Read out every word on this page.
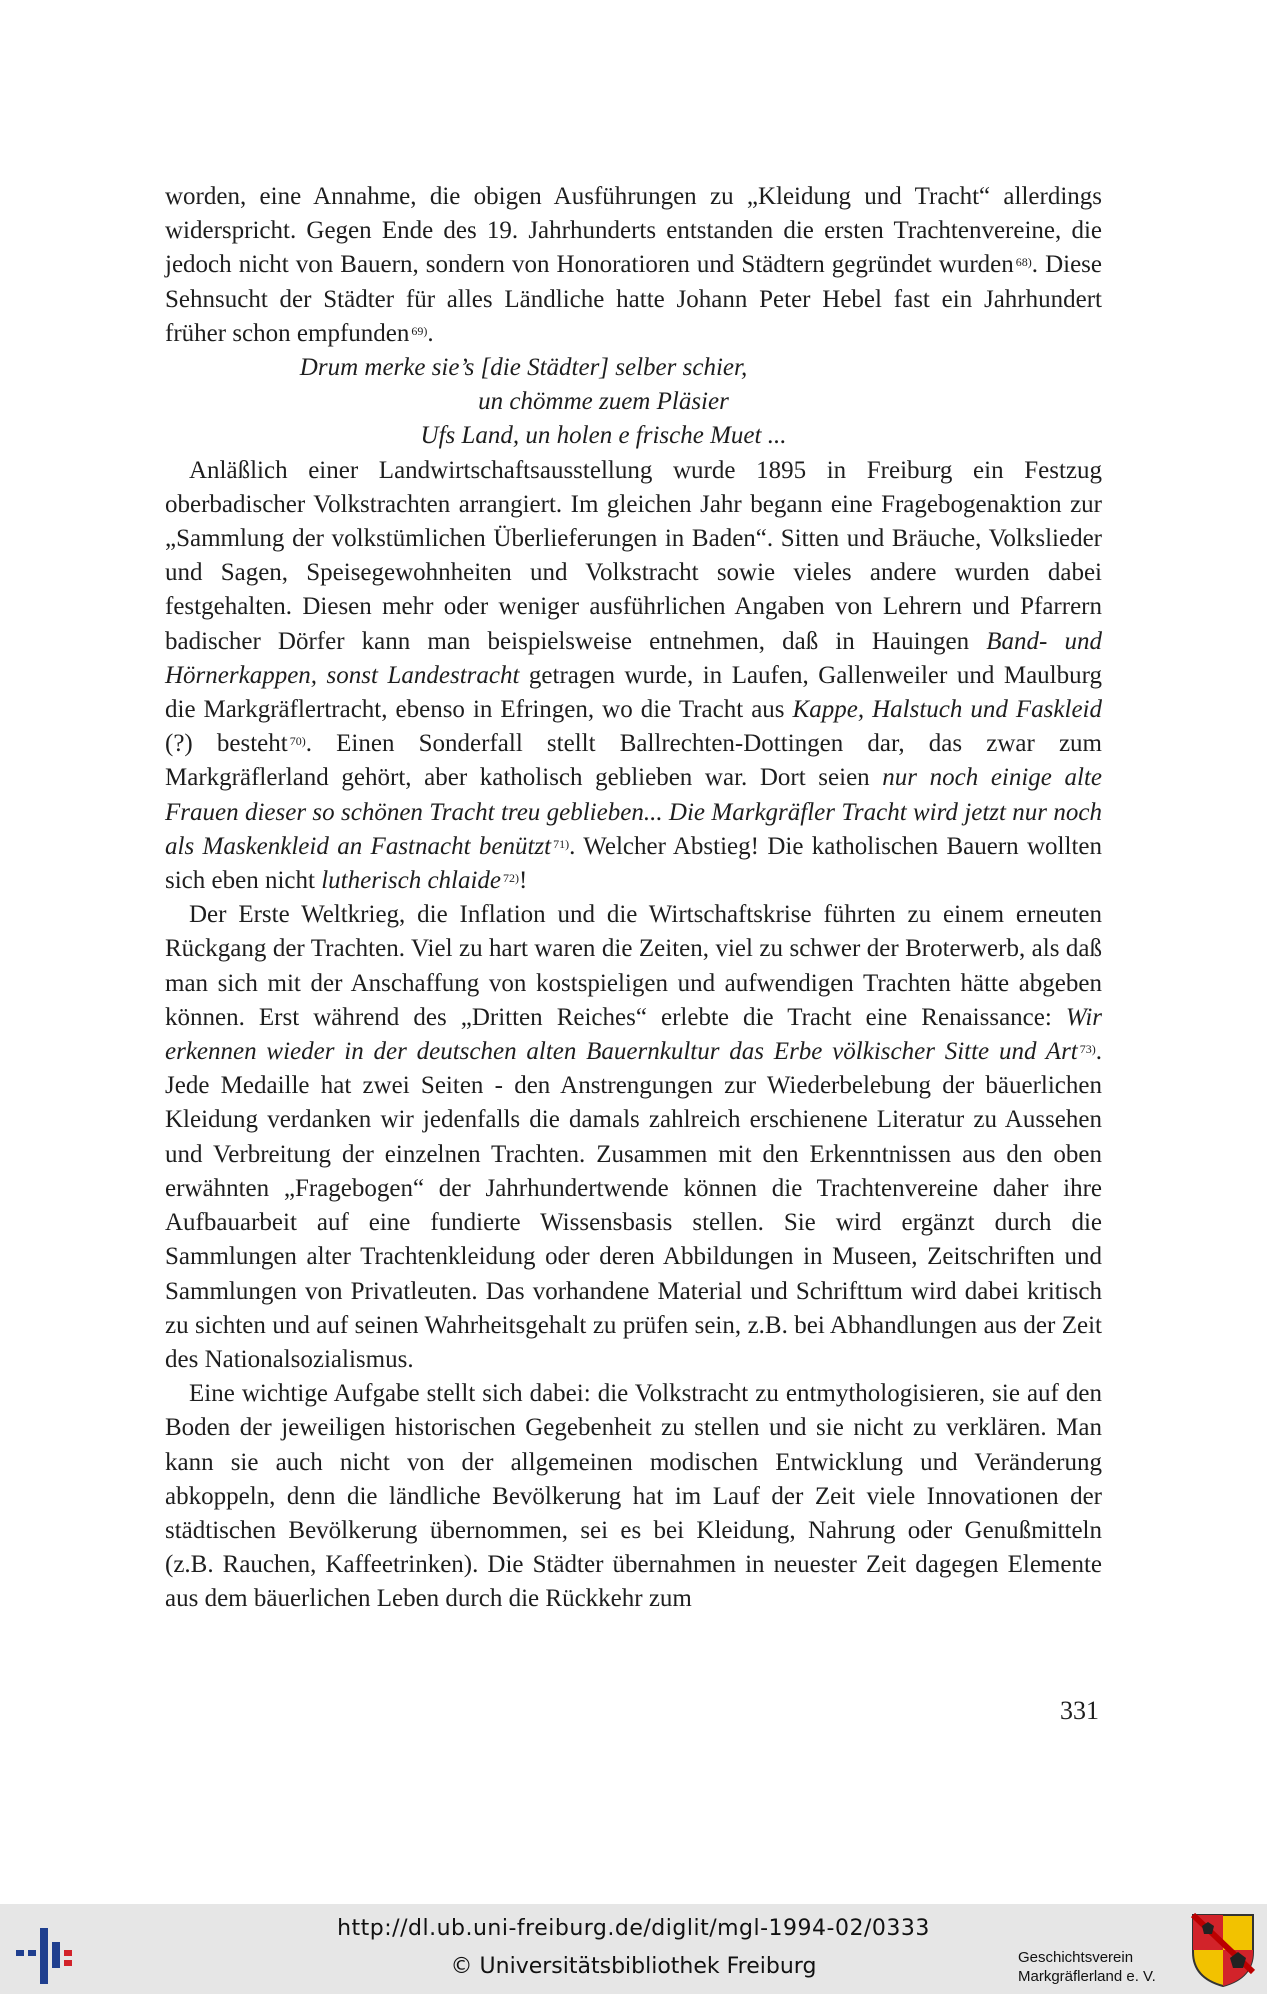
worden, eine Annahme, die obigen Ausführungen zu „Kleidung und Tracht“ allerdings widerspricht. Gegen Ende des 19. Jahrhunderts entstanden die ersten Trachtenvereine, die jedoch nicht von Bauern, sondern von Honoratioren und Städtern gegründet wurden $^{68)}$. Diese Sehnsucht der Städter für alles Ländliche hatte Johann Peter Hebel fast ein Jahrhundert früher schon empfunden $^{69)}$.

Drum merke sie’s [die Städter] selber schier,
un chömme zuem Pläsier
Ufs Land, un holen e frische Muet ...

Anläßlich einer Landwirtschaftsausstellung wurde 1895 in Freiburg ein Festzug oberbadischer Volkstrachten arrangiert. Im gleichen Jahr begann eine Fragebogenaktion zur „Sammlung der volkstümlichen Überlieferungen in Baden“. Sitten und Bräuche, Volkslieder und Sagen, Speisegewohnheiten und Volkstracht sowie vieles andere wurden dabei festgehalten. Diesen mehr oder weniger ausführlichen Angaben von Lehrern und Pfarrern badischer Dörfer kann man beispielsweise entnehmen, daß in Hauingen Band- und Hörnerkappen, sonst Landestracht getragen wurde, in Laufen, Gallenweiler und Maulburg die Markgräflertracht, ebenso in Efringen, wo die Tracht aus Kappe, Halstuch und Faskleid (?) besteht $^{70)}$. Einen Sonderfall stellt Ballrechten-Dottingen dar, das zwar zum Markgräflerland gehört, aber katholisch geblieben war. Dort seien nur noch einige alte Frauen dieser so schönen Tracht treu geblieben... Die Markgräfler Tracht wird jetzt nur noch als Maskenkleid an Fastnacht benützt $^{71)}$. Welcher Abstieg! Die katholischen Bauern wollten sich eben nicht lutherisch chlaide $^{72)}$!

Der Erste Weltkrieg, die Inflation und die Wirtschaftskrise führten zu einem erneuten Rückgang der Trachten. Viel zu hart waren die Zeiten, viel zu schwer der Broterwerb, als daß man sich mit der Anschaffung von kostspieligen und aufwendigen Trachten hätte abgeben können. Erst während des „Dritten Reiches“ erlebte die Tracht eine Renaissance: Wir erkennen wieder in der deutschen alten Bauernkultur das Erbe völkischer Sitte und Art $^{73)}$. Jede Medaille hat zwei Seiten - den Anstrengungen zur Wiederbelebung der bäuerlichen Kleidung verdanken wir jedenfalls die damals zahlreich erschienene Literatur zu Aussehen und Verbreitung der einzelnen Trachten. Zusammen mit den Erkenntnissen aus den oben erwähnten „Fragebogen“ der Jahrhundertwende können die Trachtenvereine daher ihre Aufbauarbeit auf eine fundierte Wissensbasis stellen. Sie wird ergänzt durch die Sammlungen alter Trachtenkleidung oder deren Abbildungen in Museen, Zeitschriften und Sammlungen von Privatleuten. Das vorhandene Material und Schrifttum wird dabei kritisch zu sichten und auf seinen Wahrheitsgehalt zu prüfen sein, z.B. bei Abhandlungen aus der Zeit des Nationalsozialismus.

Eine wichtige Aufgabe stellt sich dabei: die Volkstracht zu entmythologisieren, sie auf den Boden der jeweiligen historischen Gegebenheit zu stellen und sie nicht zu verklären. Man kann sie auch nicht von der allgemeinen modischen Entwicklung und Veränderung abkoppeln, denn die ländliche Bevölkerung hat im Lauf der Zeit viele Innovationen der städtischen Bevölkerung übernommen, sei es bei Kleidung, Nahrung oder Genußmitteln (z.B. Rauchen, Kaffeetrinken). Die Städter übernahmen in neuester Zeit dagegen Elemente aus dem bäuerlichen Leben durch die Rückkehr zum

331
http://dl.ub.uni-freiburg.de/diglit/mgl-1994-02/0333
© Universitätsbibliothek Freiburg	Geschichtsverein
Markgräflerland e. V.
